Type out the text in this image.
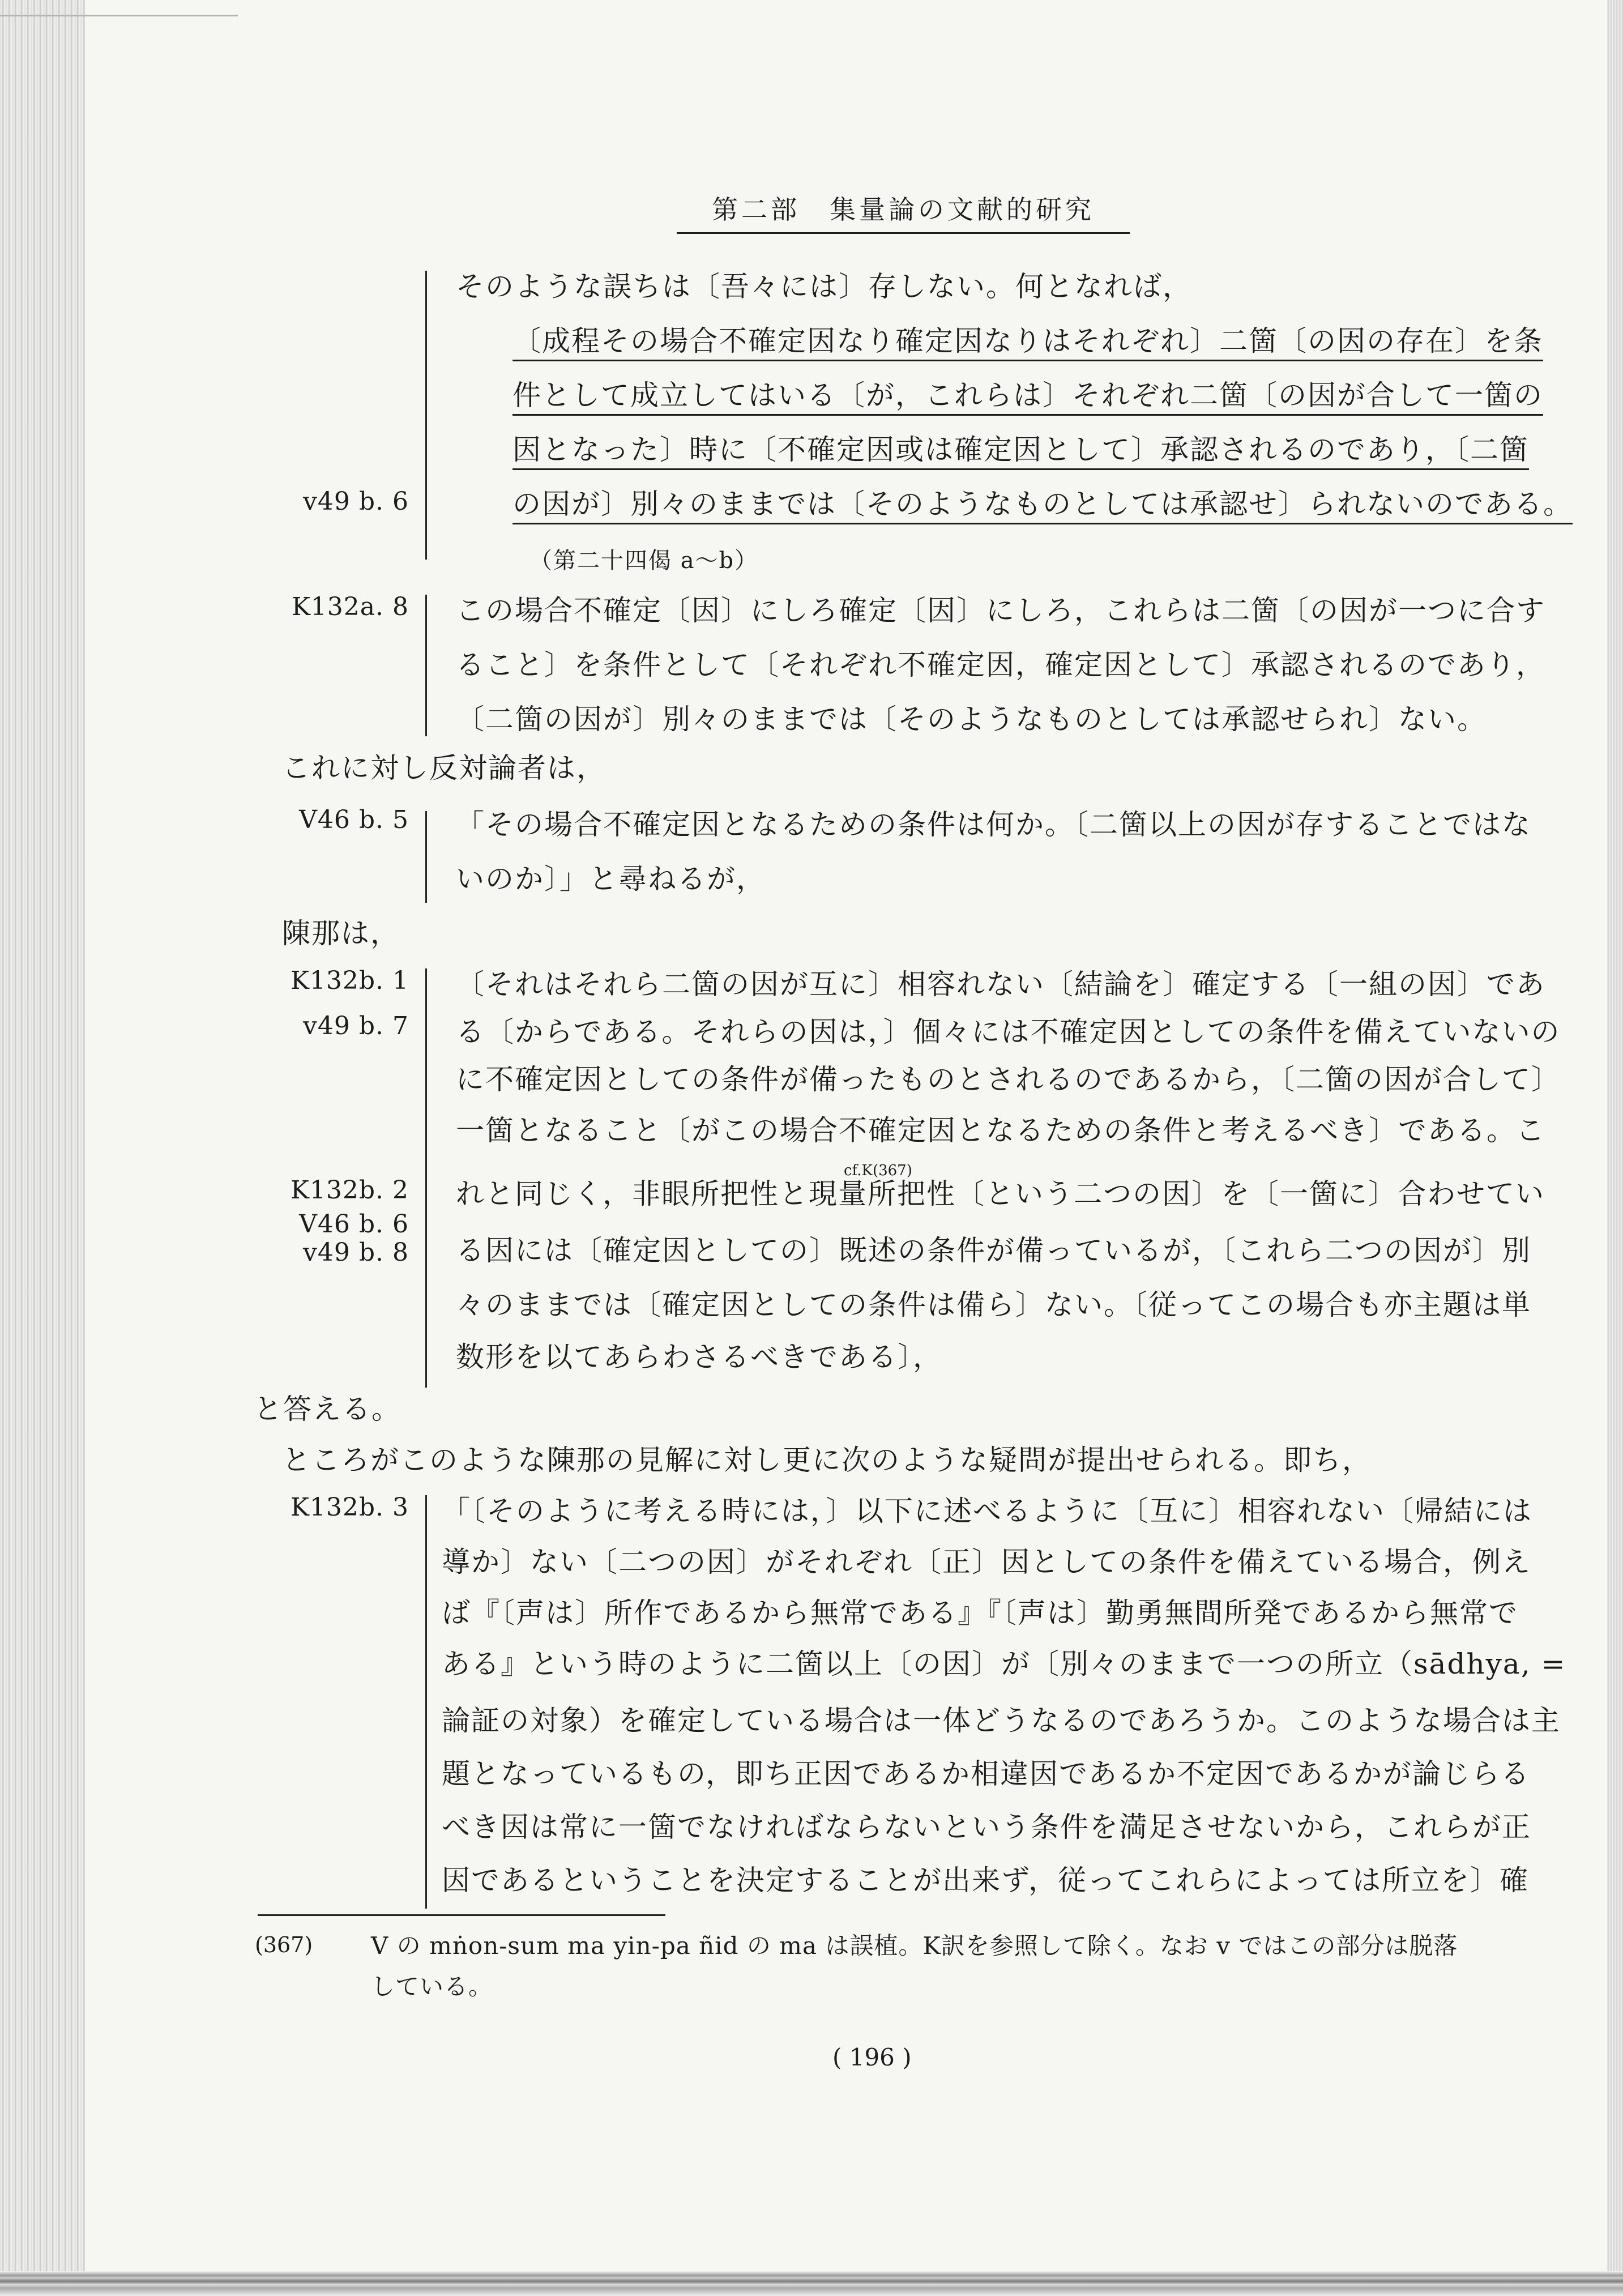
第二部　集量論の文献的研究
そのような誤ちは〔吾々には〕存しない。何となれば，
〔成程その場合不確定因なり確定因なりはそれぞれ〕二箇〔の因の存在〕を条
件として成立してはいる〔が，これらは〕それぞれ二箇〔の因が合して一箇の
因となった〕時に〔不確定因或は確定因として〕承認されるのであり，〔二箇
の因が〕別々のままでは〔そのようなものとしては承認せ〕られないのである。
v49 b. 6
（第二十四偈 a～b）
K132a. 8 この場合不確定〔因〕にしろ確定〔因〕にしろ，これらは二箇〔の因が一つに合す
ること〕を条件として〔それぞれ不確定因，確定因として〕承認されるのであり，
〔二箇の因が〕別々のままでは〔そのようなものとしては承認せられ〕ない。
これに対し反対論者は，
V46 b. 5 「その場合不確定因となるための条件は何か。〔二箇以上の因が存することではな
いのか〕」と尋ねるが，
陳那は，
K132b. 1
v49 b. 7
K132b. 2
V46 b. 6
v49 b. 8
cf.K(367)
〔それはそれら二箇の因が互に〕相容れない〔結論を〕確定する〔一組の因〕であ
る〔からである。それらの因は，〕個々には不確定因としての条件を備えていないの
に不確定因としての条件が備ったものとされるのであるから，〔二箇の因が合して〕
一箇となること〔がこの場合不確定因となるための条件と考えるべき〕である。こ
れと同じく，非眼所把性と現量所把性〔という二つの因〕を〔一箇に〕合わせてい
る因には〔確定因としての〕既述の条件が備っているが，〔これら二つの因が〕別
々のままでは〔確定因としての条件は備ら〕ない。〔従ってこの場合も亦主題は単
数形を以てあらわさるべきである〕，
と答える。
ところがこのような陳那の見解に対し更に次のような疑問が提出せられる。即ち，
K132b. 3 「〔そのように考える時には，〕以下に述べるように〔互に〕相容れない〔帰結には
導か〕ない〔二つの因〕がそれぞれ〔正〕因としての条件を備えている場合，例え
ば『〔声は〕所作であるから無常である』『〔声は〕勤勇無間所発であるから無常で
ある』という時のように二箇以上〔の因〕が〔別々のままで一つの所立（sādhya, =
論証の対象）を確定している場合は一体どうなるのであろうか。このような場合は主
題となっているもの，即ち正因であるか相違因であるか不定因であるかが論じらる
べき因は常に一箇でなければならないという条件を満足させないから，これらが正
因であるということを決定することが出来ず，従ってこれらによっては所立を〕確
(367) V の mṅon-sum ma yin-pa ñid の ma は誤植。K訳を参照して除く。なお v ではこの部分は脱落
している。
( 196 )
